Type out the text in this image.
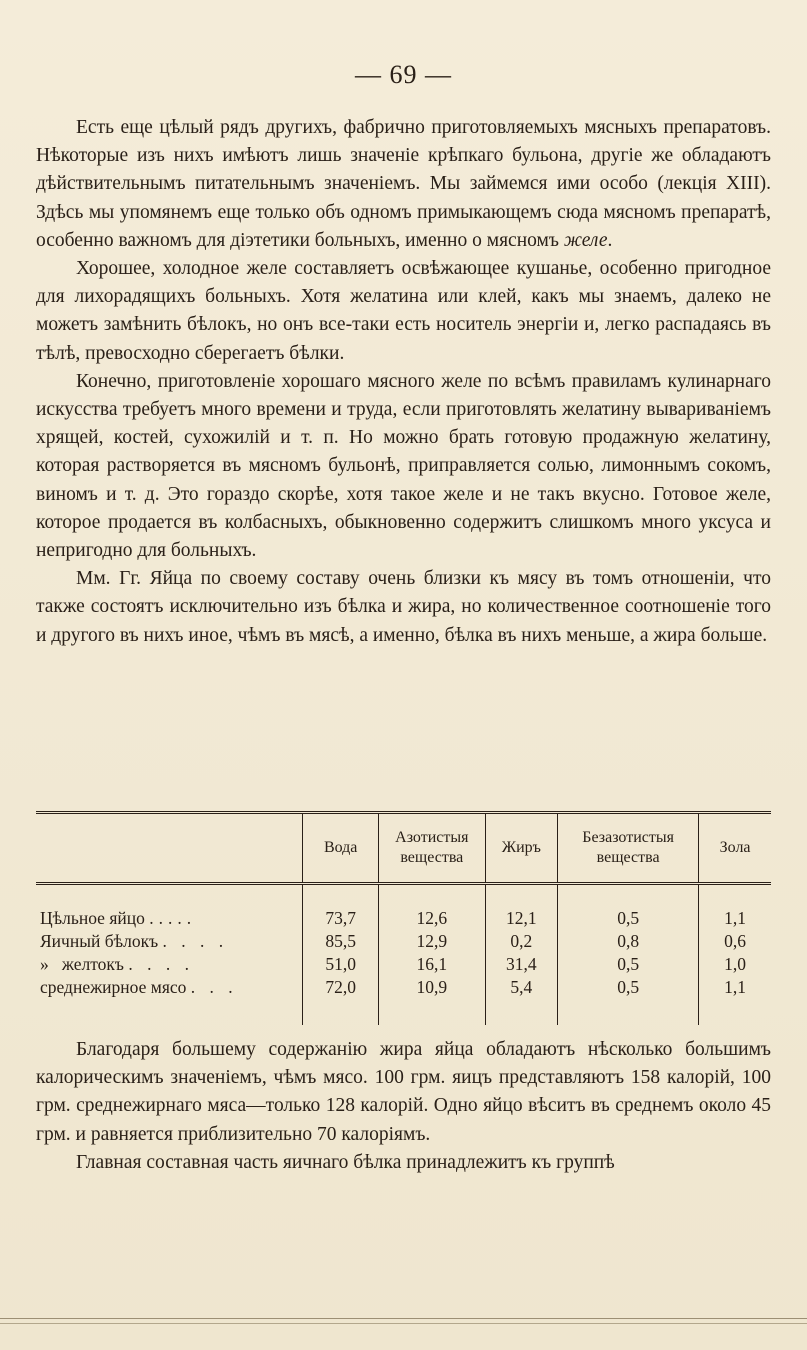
— 69 —

Есть еще цѣлый рядъ другихъ, фабрично приготовляемыхъ мясныхъ препаратовъ. Нѣкоторые изъ нихъ имѣютъ лишь значенiе крѣпкаго бульона, другiе же обладаютъ дѣйствительнымъ питательнымъ значенiемъ. Мы займемся ими особо (лекцiя XIII). Здѣсь мы упомянемъ еще только объ одномъ примыкающемъ сюда мясномъ препаратѣ, особенно важномъ для дiэтетики больныхъ, именно о мясномъ желе.

Хорошее, холодное желе составляетъ освѣжающее кушанье, особенно пригодное для лихорадящихъ больныхъ. Хотя желатина или клей, какъ мы знаемъ, далеко не можетъ замѣнить бѣлокъ, но онъ все-таки есть носитель энергiи и, легко распадаясь въ тѣлѣ, превосходно сберегаетъ бѣлки.

Конечно, приготовленiе хорошаго мясного желе по всѣмъ правиламъ кулинарнаго искусства требуетъ много времени и труда, если приготовлять желатину вывариванiемъ хрящей, костей, сухожилiй и т. п. Но можно брать готовую продажную желатину, которая растворяется въ мясномъ бульонѣ, приправляется солью, лимоннымъ сокомъ, виномъ и т. д. Это гораздо скорѣе, хотя такое желе и не такъ вкусно. Готовое желе, которое продается въ колбасныхъ, обыкновенно содержитъ слишкомъ много уксуса и непригодно для больныхъ.

Мм. Гг. Яйца по своему составу очень близки къ мясу въ томъ отношенiи, что также состоятъ исключительно изъ бѣлка и жира, но количественное соотношенiе того и другого въ нихъ иное, чѣмъ въ мясѣ, а именно, бѣлка въ нихъ меньше, а жира больше.

	Вода	Азотистыя вещества	Жиръ	Безазотистыя вещества	Зола

Цѣльное яйцо .....	73,7	12,6	12,1	0,5	1,1
Яичный бѣлокъ . . . .	85,5	12,9	0,2	0,8	0,6
»   желтокъ . . . .	51,0	16,1	31,4	0,5	1,0
среднежирное мясо . . .	72,0	10,9	5,4	0,5	1,1

Благодаря большему содержанiю жира яйца обладаютъ нѣсколько большимъ калорическимъ значенiемъ, чѣмъ мясо. 100 грм. яицъ представляютъ 158 калорiй, 100 грм. среднежирнаго мяса—только 128 калорiй. Одно яйцо вѣситъ въ среднемъ около 45 грм. и равняется приблизительно 70 калорiямъ.

Главная составная часть яичнаго бѣлка принадлежитъ къ группѣ
